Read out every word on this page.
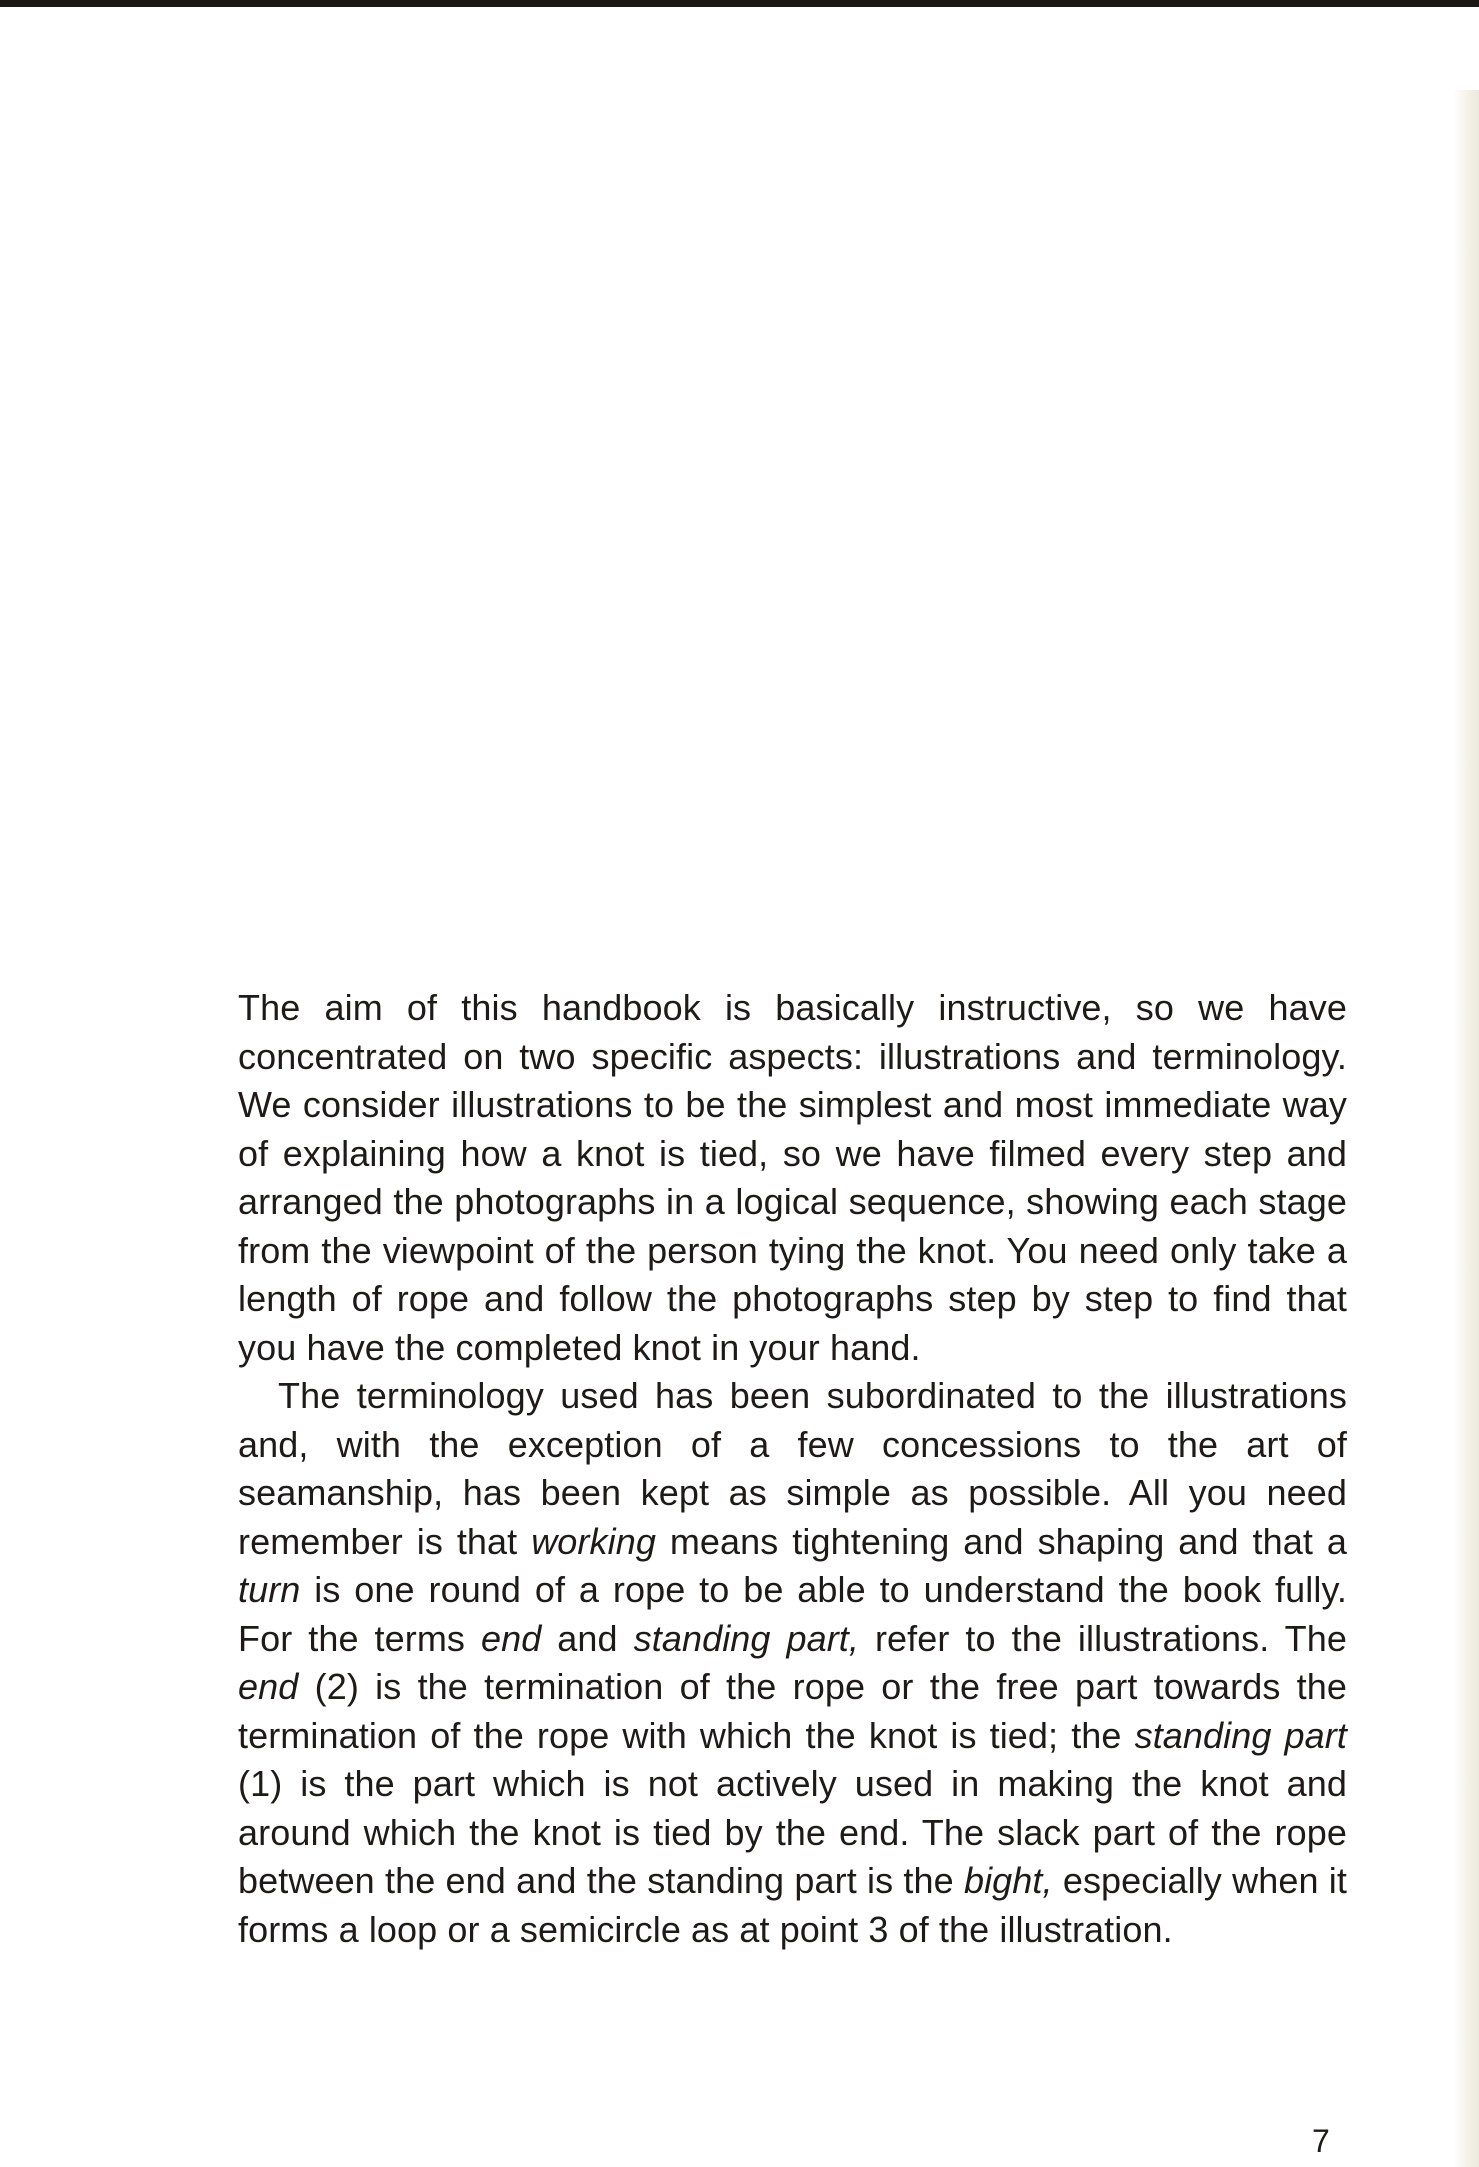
The aim of this handbook is basically instructive, so we have concentrated on two specific aspects: illustrations and terminology. We consider illustrations to be the simplest and most immediate way of explaining how a knot is tied, so we have filmed every step and arranged the photographs in a logical sequence, showing each stage from the viewpoint of the person tying the knot. You need only take a length of rope and follow the photographs step by step to find that you have the completed knot in your hand.

The terminology used has been subordinated to the illustrations and, with the exception of a few concessions to the art of seamanship, has been kept as simple as possible. All you need remember is that working means tightening and shaping and that a turn is one round of a rope to be able to understand the book fully. For the terms end and standing part, refer to the illustrations. The end (2) is the termination of the rope or the free part towards the termination of the rope with which the knot is tied; the standing part (1) is the part which is not actively used in making the knot and around which the knot is tied by the end. The slack part of the rope between the end and the standing part is the bight, especially when it forms a loop or a semicircle as at point 3 of the illustration.

7
